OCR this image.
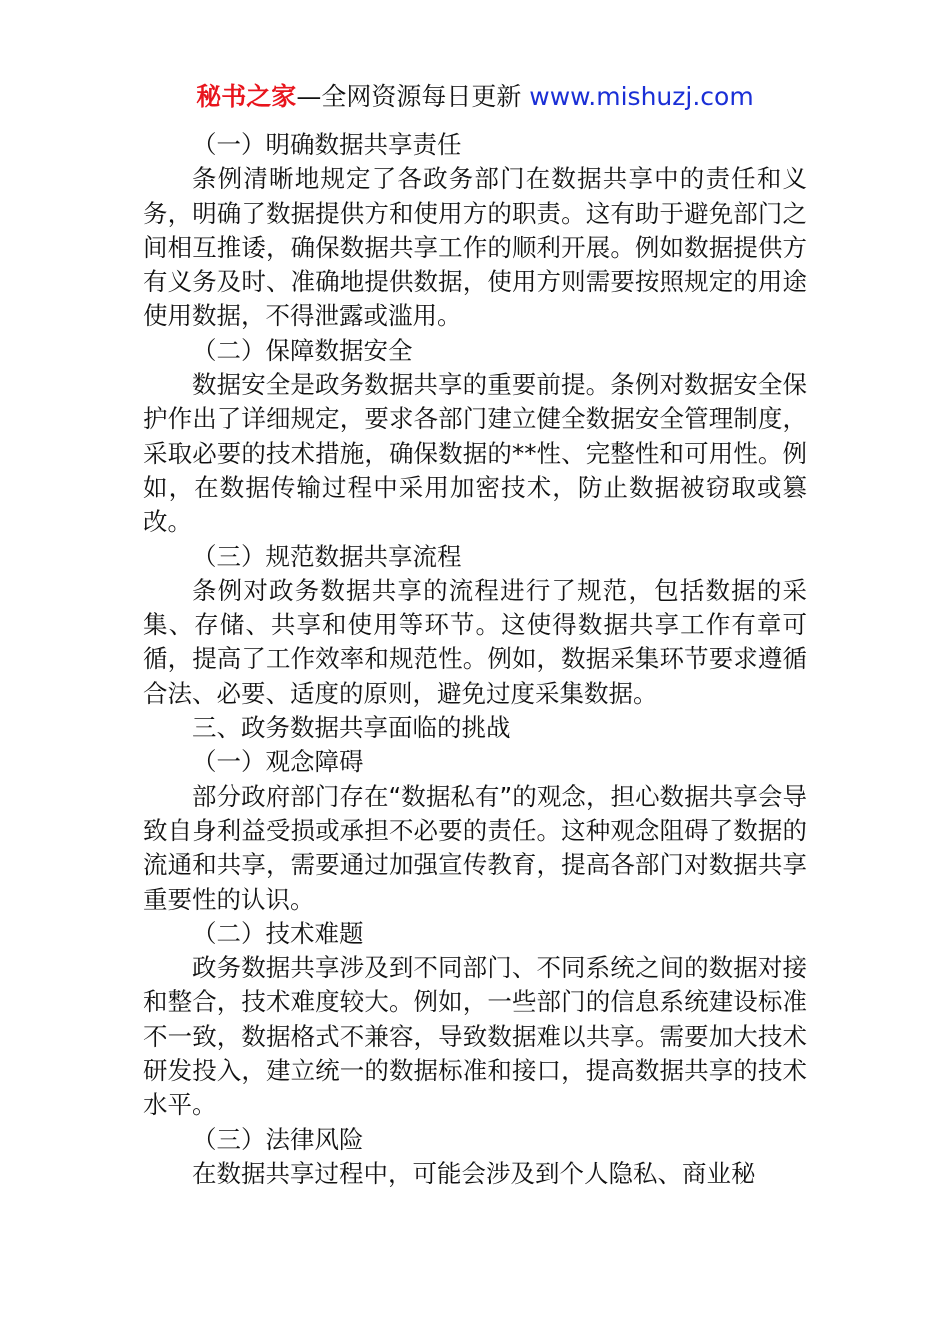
秘书之家—全网资源每日更新 www.mishuzj.com

（一）明确数据共享责任

条例清晰地规定了各政务部门在数据共享中的责任和义务，明确了数据提供方和使用方的职责。这有助于避免部门之间相互推诿，确保数据共享工作的顺利开展。例如数据提供方有义务及时、准确地提供数据，使用方则需要按照规定的用途使用数据，不得泄露或滥用。

（二）保障数据安全

数据安全是政务数据共享的重要前提。条例对数据安全保护作出了详细规定，要求各部门建立健全数据安全管理制度，采取必要的技术措施，确保数据的**性、完整性和可用性。例如，在数据传输过程中采用加密技术，防止数据被窃取或篡改。

（三）规范数据共享流程

条例对政务数据共享的流程进行了规范，包括数据的采集、存储、共享和使用等环节。这使得数据共享工作有章可循，提高了工作效率和规范性。例如，数据采集环节要求遵循合法、必要、适度的原则，避免过度采集数据。

三、政务数据共享面临的挑战

（一）观念障碍

部分政府部门存在“数据私有”的观念，担心数据共享会导致自身利益受损或承担不必要的责任。这种观念阻碍了数据的流通和共享，需要通过加强宣传教育，提高各部门对数据共享重要性的认识。

（二）技术难题

政务数据共享涉及到不同部门、不同系统之间的数据对接和整合，技术难度较大。例如，一些部门的信息系统建设标准不一致，数据格式不兼容，导致数据难以共享。需要加大技术研发投入，建立统一的数据标准和接口，提高数据共享的技术水平。

（三）法律风险

在数据共享过程中，可能会涉及到个人隐私、商业秘
